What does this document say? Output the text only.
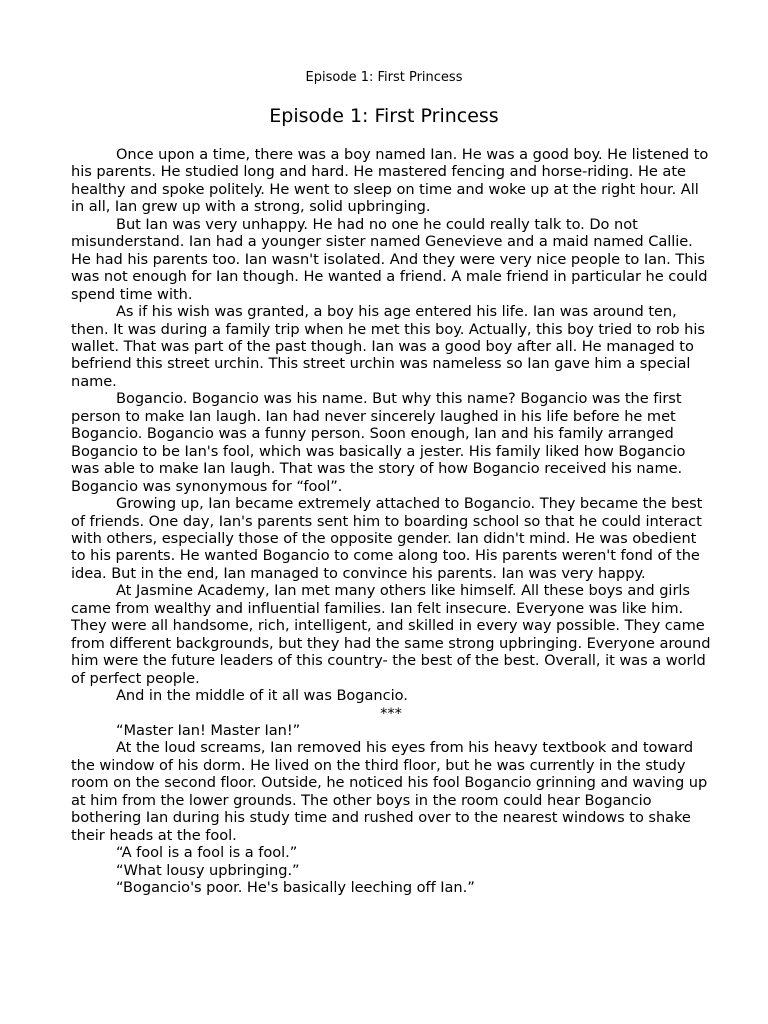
Episode 1: First Princess
Episode 1: First Princess

Once upon a time, there was a boy named Ian. He was a good boy. He listened to his parents. He studied long and hard. He mastered fencing and horse-riding. He ate healthy and spoke politely. He went to sleep on time and woke up at the right hour. All in all, Ian grew up with a strong, solid upbringing.

But Ian was very unhappy. He had no one he could really talk to. Do not misunderstand. Ian had a younger sister named Genevieve and a maid named Callie. He had his parents too. Ian wasn't isolated. And they were very nice people to Ian. This was not enough for Ian though. He wanted a friend. A male friend in particular he could spend time with.

As if his wish was granted, a boy his age entered his life. Ian was around ten, then. It was during a family trip when he met this boy. Actually, this boy tried to rob his wallet. That was part of the past though. Ian was a good boy after all. He managed to befriend this street urchin. This street urchin was nameless so Ian gave him a special name.

Bogancio. Bogancio was his name. But why this name? Bogancio was the first person to make Ian laugh. Ian had never sincerely laughed in his life before he met Bogancio. Bogancio was a funny person. Soon enough, Ian and his family arranged Bogancio to be Ian's fool, which was basically a jester. His family liked how Bogancio was able to make Ian laugh. That was the story of how Bogancio received his name. Bogancio was synonymous for “fool”.

Growing up, Ian became extremely attached to Bogancio. They became the best of friends. One day, Ian's parents sent him to boarding school so that he could interact with others, especially those of the opposite gender. Ian didn't mind. He was obedient to his parents. He wanted Bogancio to come along too. His parents weren't fond of the idea. But in the end, Ian managed to convince his parents. Ian was very happy.

At Jasmine Academy, Ian met many others like himself. All these boys and girls came from wealthy and influential families. Ian felt insecure. Everyone was like him. They were all handsome, rich, intelligent, and skilled in every way possible. They came from different backgrounds, but they had the same strong upbringing. Everyone around him were the future leaders of this country- the best of the best. Overall, it was a world of perfect people.

And in the middle of it all was Bogancio.

***

“Master Ian! Master Ian!”

At the loud screams, Ian removed his eyes from his heavy textbook and toward the window of his dorm. He lived on the third floor, but he was currently in the study room on the second floor. Outside, he noticed his fool Bogancio grinning and waving up at him from the lower grounds. The other boys in the room could hear Bogancio bothering Ian during his study time and rushed over to the nearest windows to shake their heads at the fool.

“A fool is a fool is a fool.”

“What lousy upbringing.”

“Bogancio's poor. He's basically leeching off Ian.”
